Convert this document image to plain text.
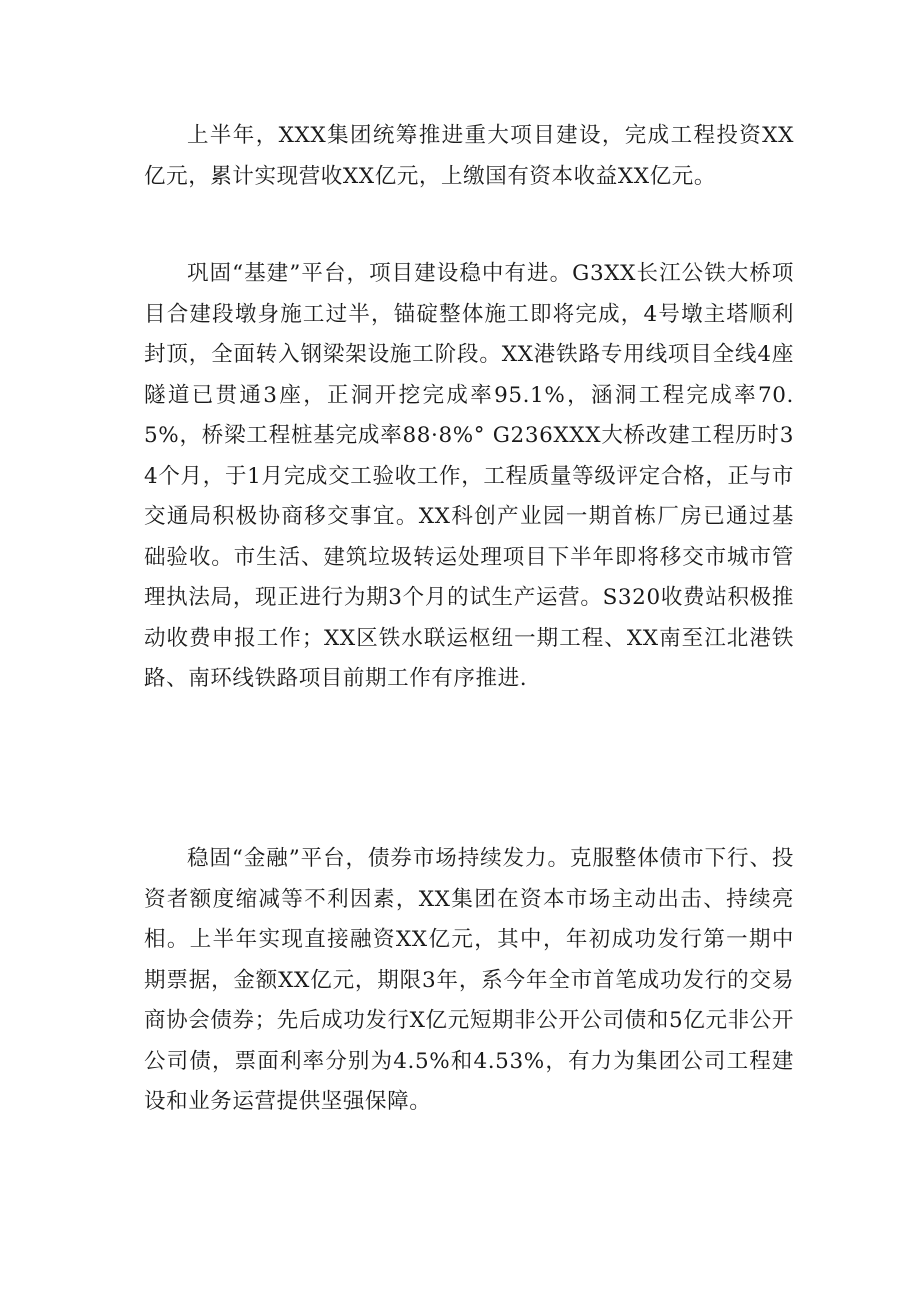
上半年，XXX集团统筹推进重大项目建设，完成工程投资XX亿元，累计实现营收XX亿元，上缴国有资本收益XX亿元。

巩固“基建”平台，项目建设稳中有进。G3XX长江公铁大桥项目合建段墩身施工过半，锚碇整体施工即将完成，4号墩主塔顺利封顶，全面转入钢梁架设施工阶段。XX港铁路专用线项目全线4座隧道已贯通3座，正洞开挖完成率95.1%，涵洞工程完成率70.5%，桥梁工程桩基完成率88·8%° G236XXX大桥改建工程历时34个月，于1月完成交工验收工作，工程质量等级评定合格，正与市交通局积极协商移交事宜。XX科创产业园一期首栋厂房已通过基础验收。市生活、建筑垃圾转运处理项目下半年即将移交市城市管理执法局，现正进行为期3个月的试生产运营。S320收费站积极推动收费申报工作；XX区铁水联运枢纽一期工程、XX南至江北港铁路、南环线铁路项目前期工作有序推进.

稳固“金融”平台，债券市场持续发力。克服整体债市下行、投资者额度缩减等不利因素，XX集团在资本市场主动出击、持续亮相。上半年实现直接融资XX亿元，其中，年初成功发行第一期中期票据，金额XX亿元，期限3年，系今年全市首笔成功发行的交易商协会债券；先后成功发行X亿元短期非公开公司债和5亿元非公开公司债，票面利率分别为4.5%和4.53%，有力为集团公司工程建设和业务运营提供坚强保障。
